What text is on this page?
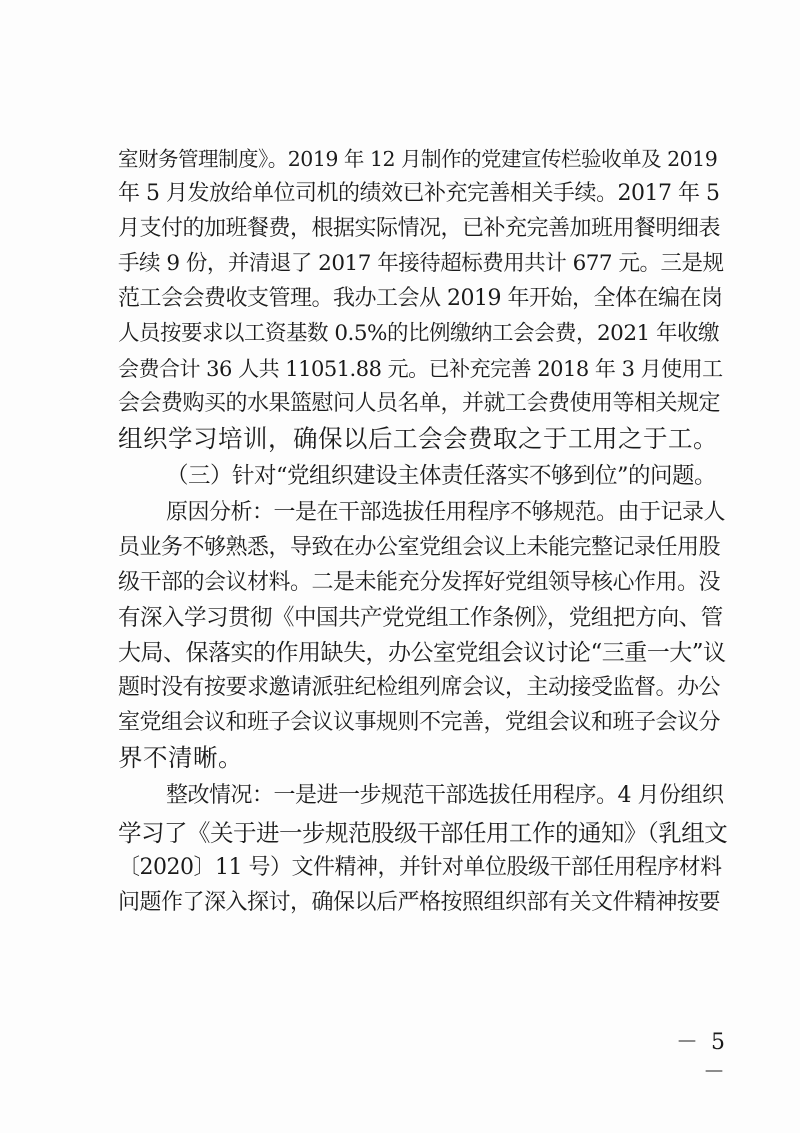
室财务管理制度》。2019 年 12 月制作的党建宣传栏验收单及 2019
年 5 月发放给单位司机的绩效已补充完善相关手续。2017 年 5
月支付的加班餐费，根据实际情况，已补充完善加班用餐明细表
手续 9 份，并清退了 2017 年接待超标费用共计 677 元。三是规
范工会会费收支管理。我办工会从 2019 年开始，全体在编在岗
人员按要求以工资基数 0.5%的比例缴纳工会会费，2021 年收缴
会费合计 36 人共 11051.88 元。已补充完善 2018 年 3 月使用工
会会费购买的水果篮慰问人员名单，并就工会费使用等相关规定
组织学习培训，确保以后工会会费取之于工用之于工。
（三）针对“党组织建设主体责任落实不够到位”的问题。
原因分析：一是在干部选拔任用程序不够规范。由于记录人
员业务不够熟悉，导致在办公室党组会议上未能完整记录任用股
级干部的会议材料。二是未能充分发挥好党组领导核心作用。没
有深入学习贯彻《中国共产党党组工作条例》，党组把方向、管
大局、保落实的作用缺失，办公室党组会议讨论“三重一大”议
题时没有按要求邀请派驻纪检组列席会议，主动接受监督。办公
室党组会议和班子会议议事规则不完善，党组会议和班子会议分
界不清晰。
整改情况：一是进一步规范干部选拔任用程序。4 月份组织
学习了《关于进一步规范股级干部任用工作的通知》（乳组文
〔2020〕11 号）文件精神，并针对单位股级干部任用程序材料
问题作了深入探讨，确保以后严格按照组织部有关文件精神按要
－ 5 －
